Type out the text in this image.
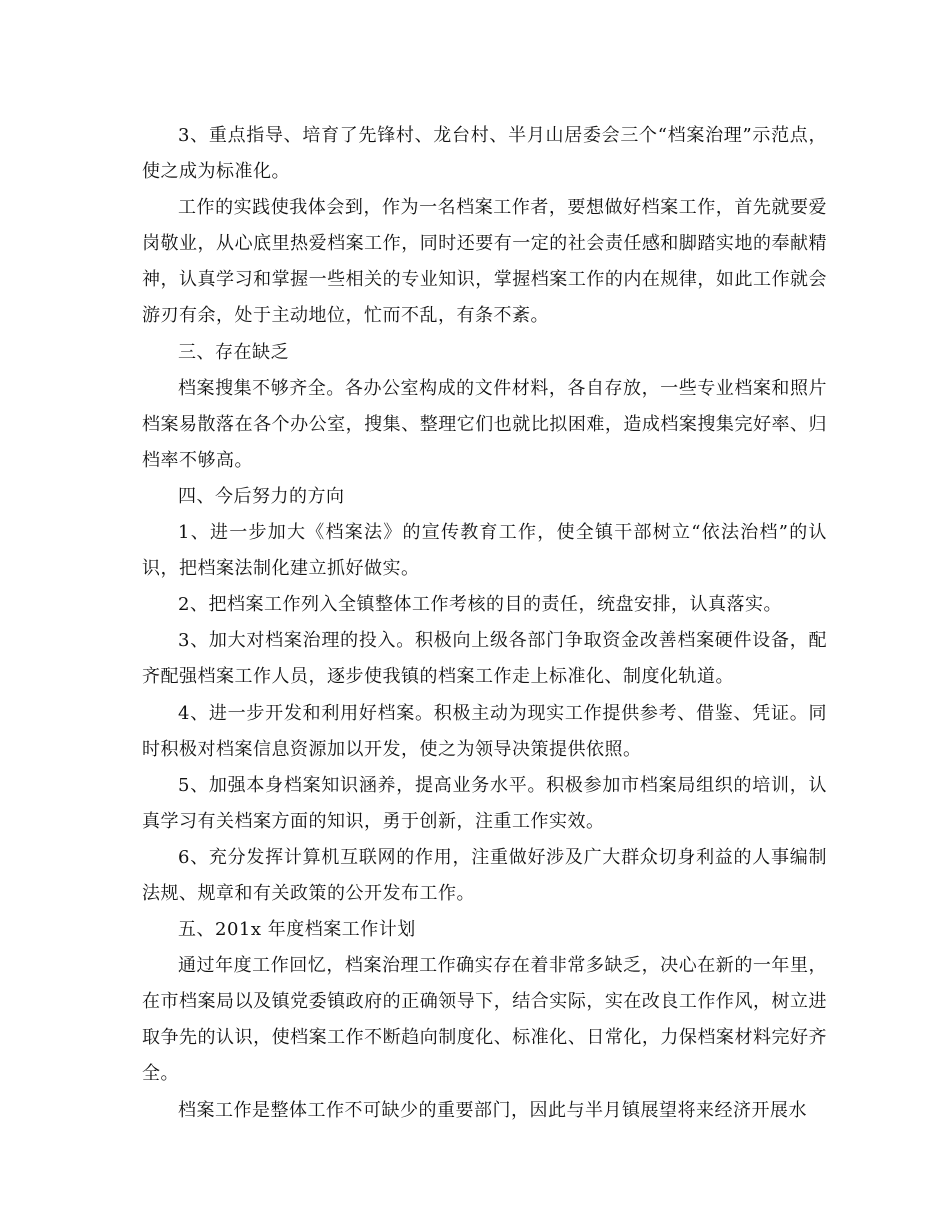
3、重点指导、培育了先锋村、龙台村、半月山居委会三个“档案治理”示范点，使之成为标准化。

工作的实践使我体会到，作为一名档案工作者，要想做好档案工作，首先就要爱岗敬业，从心底里热爱档案工作，同时还要有一定的社会责任感和脚踏实地的奉献精神，认真学习和掌握一些相关的专业知识，掌握档案工作的内在规律，如此工作就会游刃有余，处于主动地位，忙而不乱，有条不紊。

三、存在缺乏

档案搜集不够齐全。各办公室构成的文件材料，各自存放，一些专业档案和照片档案易散落在各个办公室，搜集、整理它们也就比拟困难，造成档案搜集完好率、归档率不够高。

四、今后努力的方向

1、进一步加大《档案法》的宣传教育工作，使全镇干部树立“依法治档”的认识，把档案法制化建立抓好做实。

2、把档案工作列入全镇整体工作考核的目的责任，统盘安排，认真落实。

3、加大对档案治理的投入。积极向上级各部门争取资金改善档案硬件设备，配齐配强档案工作人员，逐步使我镇的档案工作走上标准化、制度化轨道。

4、进一步开发和利用好档案。积极主动为现实工作提供参考、借鉴、凭证。同时积极对档案信息资源加以开发，使之为领导决策提供依照。

5、加强本身档案知识涵养，提高业务水平。积极参加市档案局组织的培训，认真学习有关档案方面的知识，勇于创新，注重工作实效。

6、充分发挥计算机互联网的作用，注重做好涉及广大群众切身利益的人事编制法规、规章和有关政策的公开发布工作。

五、201x 年度档案工作计划

通过年度工作回忆，档案治理工作确实存在着非常多缺乏，决心在新的一年里，在市档案局以及镇党委镇政府的正确领导下，结合实际，实在改良工作作风，树立进取争先的认识，使档案工作不断趋向制度化、标准化、日常化，力保档案材料完好齐全。

档案工作是整体工作不可缺少的重要部门，因此与半月镇展望将来经济开展水
